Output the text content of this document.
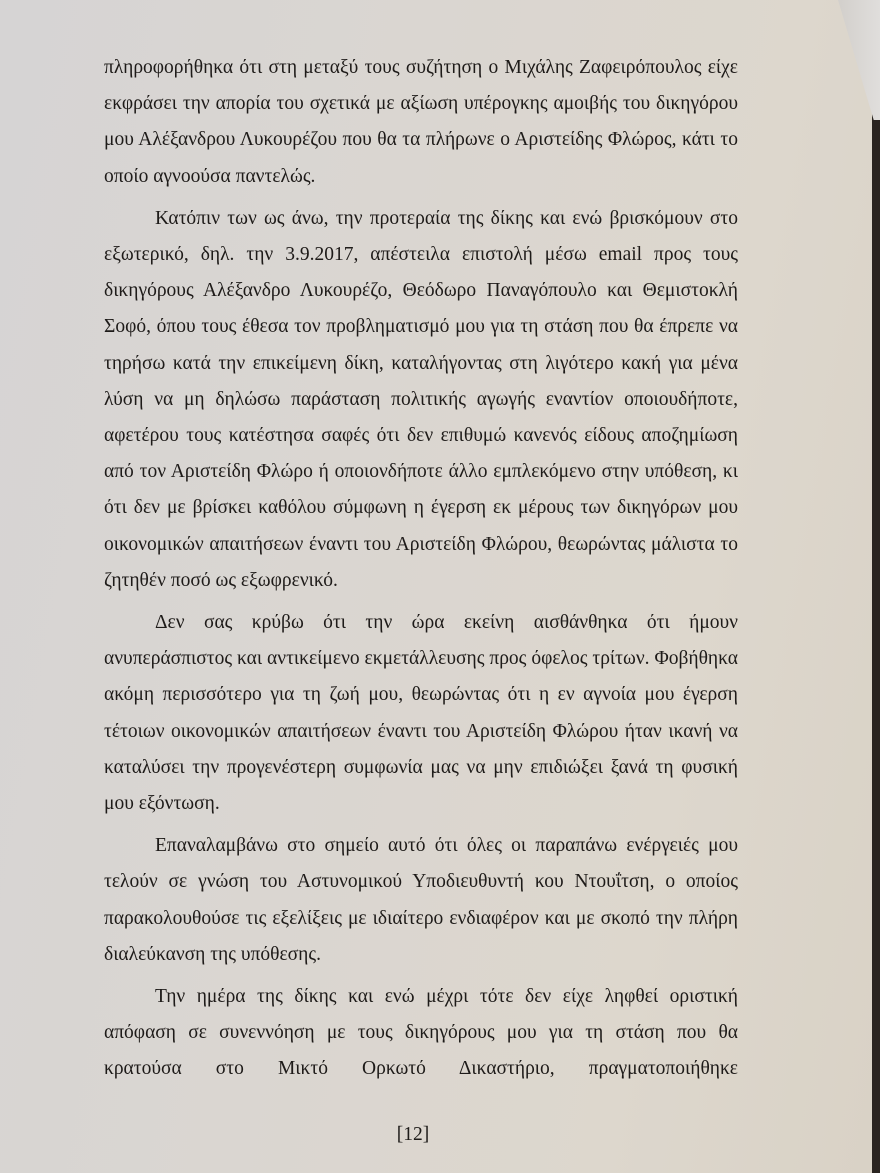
πληροφορήθηκα ότι στη μεταξύ τους συζήτηση ο Μιχάλης Ζαφειρόπουλος είχε εκφράσει την απορία του σχετικά με αξίωση υπέρογκης αμοιβής του δικηγόρου μου Αλέξανδρου Λυκουρέζου που θα τα πλήρωνε ο Αριστείδης Φλώρος, κάτι το οποίο αγνοούσα παντελώς.

Κατόπιν των ως άνω, την προτεραία της δίκης και ενώ βρισκόμουν στο εξωτερικό, δηλ. την 3.9.2017, απέστειλα επιστολή μέσω email προς τους δικηγόρους Αλέξανδρο Λυκουρέζο, Θεόδωρο Παναγόπουλο και Θεμιστοκλή Σοφό, όπου τους έθεσα τον προβληματισμό μου για τη στάση που θα έπρεπε να τηρήσω κατά την επικείμενη δίκη, καταλήγοντας στη λιγότερο κακή για μένα λύση να μη δηλώσω παράσταση πολιτικής αγωγής εναντίον οποιουδήποτε, αφετέρου τους κατέστησα σαφές ότι δεν επιθυμώ κανενός είδους αποζημίωση από τον Αριστείδη Φλώρο ή οποιονδήποτε άλλο εμπλεκόμενο στην υπόθεση, κι ότι δεν με βρίσκει καθόλου σύμφωνη η έγερση εκ μέρους των δικηγόρων μου οικονομικών απαιτήσεων έναντι του Αριστείδη Φλώρου, θεωρώντας μάλιστα το ζητηθέν ποσό ως εξωφρενικό.

Δεν σας κρύβω ότι την ώρα εκείνη αισθάνθηκα ότι ήμουν ανυπεράσπιστος και αντικείμενο εκμετάλλευσης προς όφελος τρίτων. Φοβήθηκα ακόμη περισσότερο για τη ζωή μου, θεωρώντας ότι η εν αγνοία μου έγερση τέτοιων οικονομικών απαιτήσεων έναντι του Αριστείδη Φλώρου ήταν ικανή να καταλύσει την προγενέστερη συμφωνία μας να μην επιδιώξει ξανά τη φυσική μου εξόντωση.

Επαναλαμβάνω στο σημείο αυτό ότι όλες οι παραπάνω ενέργειές μου τελούν σε γνώση του Αστυνομικού Υποδιευθυντή κου Ντουΐτση, ο οποίος παρακολουθούσε τις εξελίξεις με ιδιαίτερο ενδιαφέρον και με σκοπό την πλήρη διαλεύκανση της υπόθεσης.

Την ημέρα της δίκης και ενώ μέχρι τότε δεν είχε ληφθεί οριστική απόφαση σε συνεννόηση με τους δικηγόρους μου για τη στάση που θα κρατούσα στο Μικτό Ορκωτό Δικαστήριο, πραγματοποιήθηκε

[12]
